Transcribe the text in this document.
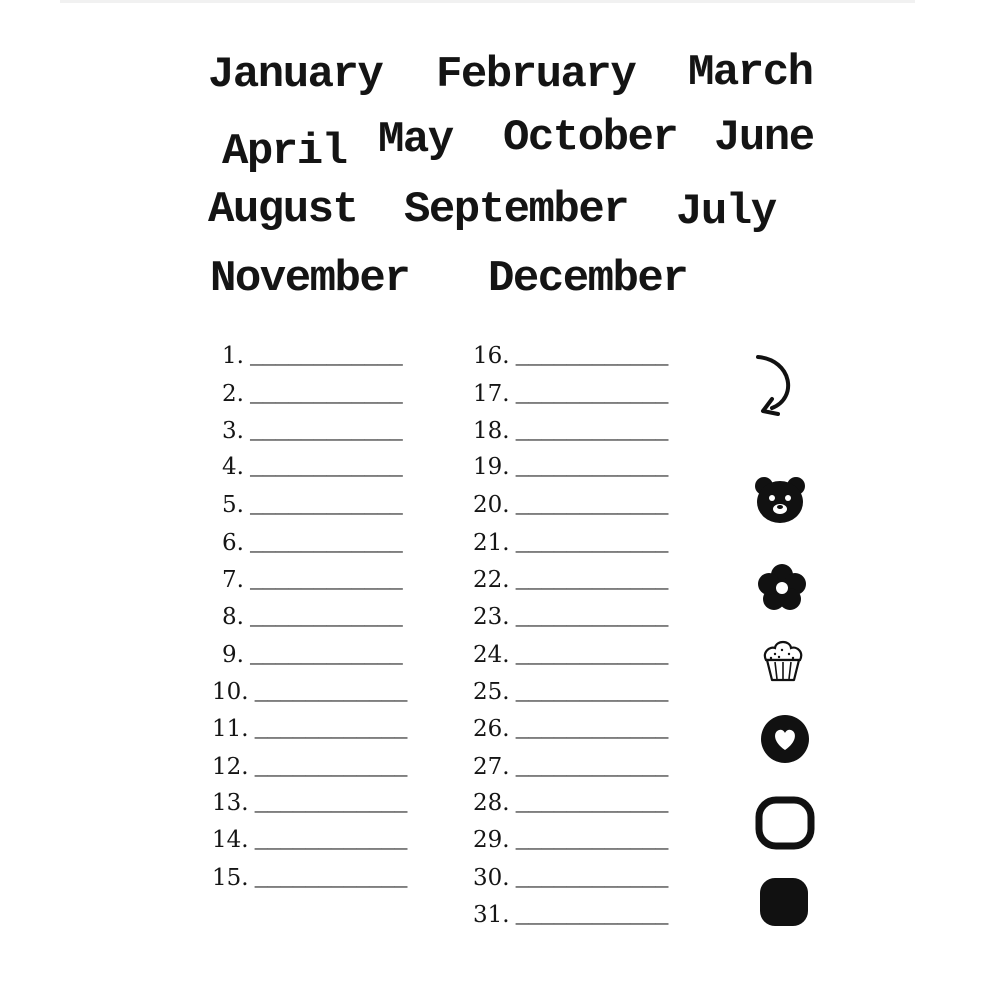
January February March
April May October June
August September July
November December
1. ____________
2. ____________
3. ____________
4. ____________
5. ____________
6. ____________
7. ____________
8. ____________
9. ____________
10. ____________
11. ____________
12. ____________
13. ____________
14. ____________
15. ____________
16. ____________
17. ____________
18. ____________
19. ____________
20. ____________
21. ____________
22. ____________
23. ____________
24. ____________
25. ____________
26. ____________
27. ____________
28. ____________
29. ____________
30. ____________
31. ____________
